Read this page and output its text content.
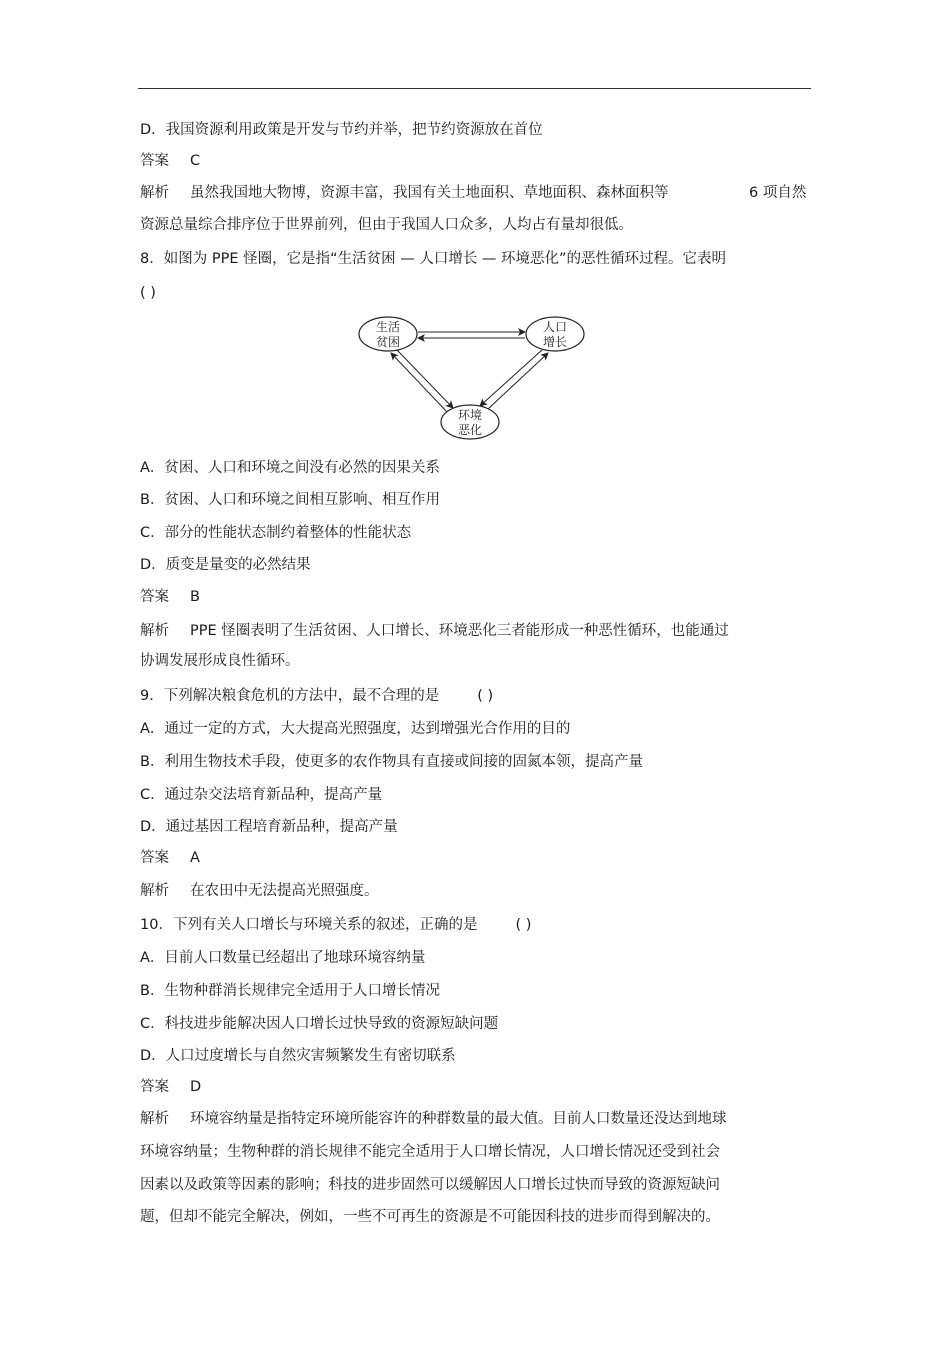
D．我国资源利用政策是开发与节约并举，把节约资源放在首位
答案 C
解析 虽然我国地大物博，资源丰富，我国有关土地面积、草地面积、森林面积等	6 项自然
资源总量综合排序位于世界前列，但由于我国人口众多，人均占有量却很低。
8．如图为 PPE 怪圈，它是指“生活贫困 — 人口增长 — 环境恶化”的恶性循环过程。它表明
( )
生活
贫困
人口
增长
环境
恶化
A．贫困、人口和环境之间没有必然的因果关系
B．贫困、人口和环境之间相互影响、相互作用
C．部分的性能状态制约着整体的性能状态
D．质变是量变的必然结果
答案 B
解析 PPE 怪圈表明了生活贫困、人口增长、环境恶化三者能形成一种恶性循环，也能通过
协调发展形成良性循环。
9．下列解决粮食危机的方法中，最不合理的是	( )
A．通过一定的方式，大大提高光照强度，达到增强光合作用的目的
B．利用生物技术手段，使更多的农作物具有直接或间接的固氮本领，提高产量
C．通过杂交法培育新品种，提高产量
D．通过基因工程培育新品种，提高产量
答案 A
解析 在农田中无法提高光照强度。
10．下列有关人口增长与环境关系的叙述，正确的是	( )
A．目前人口数量已经超出了地球环境容纳量
B．生物种群消长规律完全适用于人口增长情况
C．科技进步能解决因人口增长过快导致的资源短缺问题
D．人口过度增长与自然灾害频繁发生有密切联系
答案 D
解析 环境容纳量是指特定环境所能容许的种群数量的最大值。目前人口数量还没达到地球
环境容纳量；生物种群的消长规律不能完全适用于人口增长情况，人口增长情况还受到社会
因素以及政策等因素的影响；科技的进步固然可以缓解因人口增长过快而导致的资源短缺问
题，但却不能完全解决，例如，一些不可再生的资源是不可能因科技的进步而得到解决的。
